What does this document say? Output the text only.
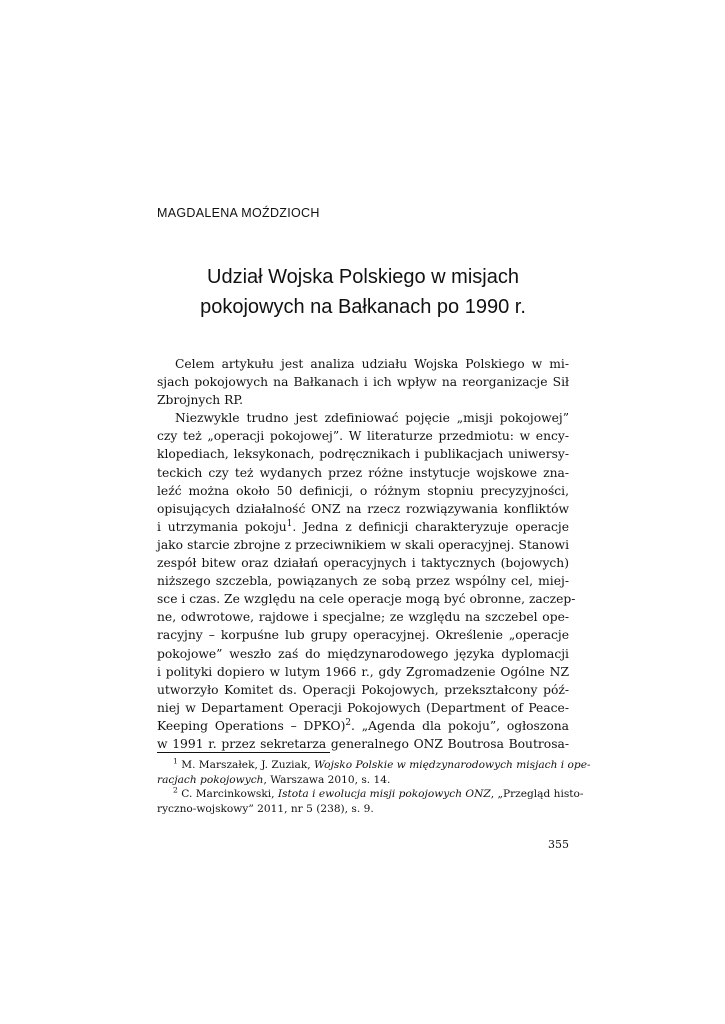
MAGDALENA MOŹDZIOCH
Udział Wojska Polskiego w misjach
pokojowych na Bałkanach po 1990 r.
Celem artykułu jest analiza udziału Wojska Polskiego w mi-
sjach pokojowych na Bałkanach i ich wpływ na reorganizacje Sił
Zbrojnych RP.
Niezwykle trudno jest zdefiniować pojęcie „misji pokojowej”
czy też „operacji pokojowej”. W literaturze przedmiotu: w ency-
klopediach, leksykonach, podręcznikach i publikacjach uniwersy-
teckich czy też wydanych przez różne instytucje wojskowe zna-
leźć można około 50 definicji, o różnym stopniu precyzyjności,
opisujących działalność ONZ na rzecz rozwiązywania konfliktów
i utrzymania pokoju$^1$. Jedna z definicji charakteryzuje operacje
jako starcie zbrojne z przeciwnikiem w skali operacyjnej. Stanowi
zespół bitew oraz działań operacyjnych i taktycznych (bojowych)
niższego szczebla, powiązanych ze sobą przez wspólny cel, miej-
sce i czas. Ze względu na cele operacje mogą być obronne, zaczep-
ne, odwrotowe, rajdowe i specjalne; ze względu na szczebel ope-
racyjny – korpuśne lub grupy operacyjnej. Określenie „operacje
pokojowe” weszło zaś do międzynarodowego języka dyplomacji
i polityki dopiero w lutym 1966 r., gdy Zgromadzenie Ogólne NZ
utworzyło Komitet ds. Operacji Pokojowych, przekształcony póź-
niej w Departament Operacji Pokojowych (Department of Peace-
Keeping Operations – DPKO)$^2$. „Agenda dla pokoju”, ogłoszona
w 1991 r. przez sekretarza generalnego ONZ Boutrosa Boutrosa-
$^1$ M. Marszałek, J. Zuziak, Wojsko Polskie w międzynarodowych misjach i ope-
racjach pokojowych, Warszawa 2010, s. 14.
$^2$ C. Marcinkowski, Istota i ewolucja misji pokojowych ONZ, „Przegląd histo-
ryczno-wojskowy” 2011, nr 5 (238), s. 9.
355
